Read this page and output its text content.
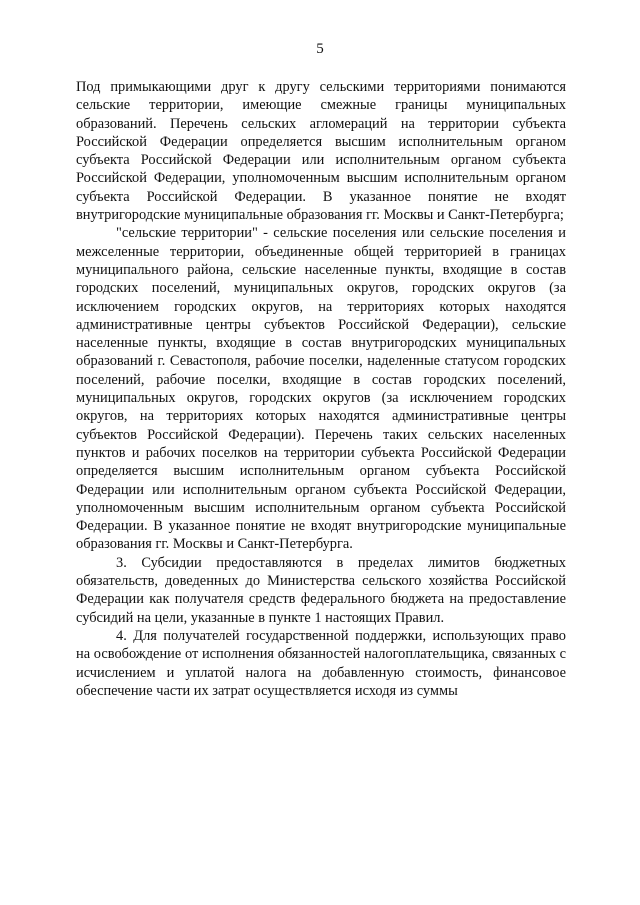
5

Под примыкающими друг к другу сельскими территориями понимаются сельские территории, имеющие смежные границы муниципальных образований. Перечень сельских агломераций на территории субъекта Российской Федерации определяется высшим исполнительным органом субъекта Российской Федерации или исполнительным органом субъекта Российской Федерации, уполномоченным высшим исполнительным органом субъекта Российской Федерации. В указанное понятие не входят внутригородские муниципальные образования гг. Москвы и Санкт-Петербурга;

"сельские территории" - сельские поселения или сельские поселения и межселенные территории, объединенные общей территорией в границах муниципального района, сельские населенные пункты, входящие в состав городских поселений, муниципальных округов, городских округов (за исключением городских округов, на территориях которых находятся административные центры субъектов Российской Федерации), сельские населенные пункты, входящие в состав внутригородских муниципальных образований г. Севастополя, рабочие поселки, наделенные статусом городских поселений, рабочие поселки, входящие в состав городских поселений, муниципальных округов, городских округов (за исключением городских округов, на территориях которых находятся административные центры субъектов Российской Федерации). Перечень таких сельских населенных пунктов и рабочих поселков на территории субъекта Российской Федерации определяется высшим исполнительным органом субъекта Российской Федерации или исполнительным органом субъекта Российской Федерации, уполномоченным высшим исполнительным органом субъекта Российской Федерации. В указанное понятие не входят внутригородские муниципальные образования гг. Москвы и Санкт-Петербурга.

3. Субсидии предоставляются в пределах лимитов бюджетных обязательств, доведенных до Министерства сельского хозяйства Российской Федерации как получателя средств федерального бюджета на предоставление субсидий на цели, указанные в пункте 1 настоящих Правил.

4. Для получателей государственной поддержки, использующих право на освобождение от исполнения обязанностей налогоплательщика, связанных с исчислением и уплатой налога на добавленную стоимость, финансовое обеспечение части их затрат осуществляется исходя из суммы
